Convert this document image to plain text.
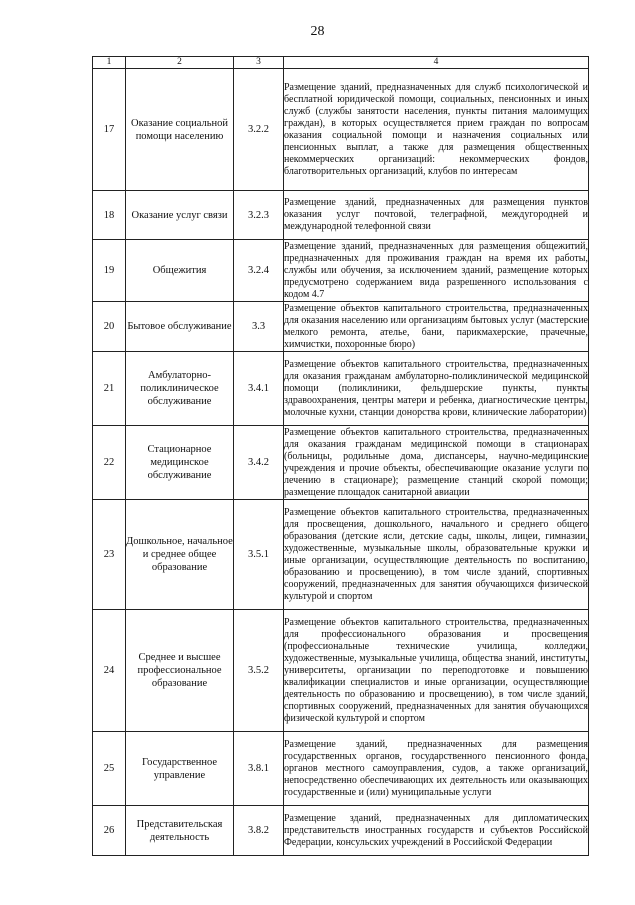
28
1	2	3	4
17	Оказание социальной помощи населению	3.2.2	Размещение зданий, предназначенных для служб психологической и бесплатной юридической помощи, социальных, пенсионных и иных служб (службы занятости населения, пункты питания малоимущих граждан), в которых осуществляется прием граждан по вопросам оказания социальной помощи и назначения социальных или пенсионных выплат, а также для размещения общественных некоммерческих организаций: некоммерческих фондов, благотворительных организаций, клубов по интересам
18	Оказание услуг связи	3.2.3	Размещение зданий, предназначенных для размещения пунктов оказания услуг почтовой, телеграфной, междугородней и международной телефонной связи
19	Общежития	3.2.4	Размещение зданий, предназначенных для размещения общежитий, предназначенных для проживания граждан на время их работы, службы или обучения, за исключением зданий, размещение которых предусмотрено содержанием вида разрешенного использования с кодом 4.7
20	Бытовое обслуживание	3.3	Размещение объектов капитального строительства, предназначенных для оказания населению или организациям бытовых услуг (мастерские мелкого ремонта, ателье, бани, парикмахерские, прачечные, химчистки, похоронные бюро)
21	Амбулаторно-поликлиническое обслуживание	3.4.1	Размещение объектов капитального строительства, предназначенных для оказания гражданам амбулаторно-поликлинической медицинской помощи (поликлиники, фельдшерские пункты, пункты здравоохранения, центры матери и ребенка, диагностические центры, молочные кухни, станции донорства крови, клинические лаборатории)
22	Стационарное медицинское обслуживание	3.4.2	Размещение объектов капитального строительства, предназначенных для оказания гражданам медицинской помощи в стационарах (больницы, родильные дома, диспансеры, научно-медицинские учреждения и прочие объекты, обеспечивающие оказание услуги по лечению в стационаре); размещение станций скорой помощи; размещение площадок санитарной авиации
23	Дошкольное, начальное и среднее общее образование	3.5.1	Размещение объектов капитального строительства, предназначенных для просвещения, дошкольного, начального и среднего общего образования (детские ясли, детские сады, школы, лицеи, гимназии, художественные, музыкальные школы, образовательные кружки и иные организации, осуществляющие деятельность по воспитанию, образованию и просвещению), в том числе зданий, спортивных сооружений, предназначенных для занятия обучающихся физической культурой и спортом
24	Среднее и высшее профессиональное образование	3.5.2	Размещение объектов капитального строительства, предназначенных для профессионального образования и просвещения (профессиональные технические училища, колледжи, художественные, музыкальные училища, общества знаний, институты, университеты, организации по переподготовке и повышению квалификации специалистов и иные организации, осуществляющие деятельность по образованию и просвещению), в том числе зданий, спортивных сооружений, предназначенных для занятия обучающихся физической культурой и спортом
25	Государственное управление	3.8.1	Размещение зданий, предназначенных для размещения государственных органов, государственного пенсионного фонда, органов местного самоуправления, судов, а также организаций, непосредственно обеспечивающих их деятельность или оказывающих государственные и (или) муниципальные услуги
26	Представительская деятельность	3.8.2	Размещение зданий, предназначенных для дипломатических представительств иностранных государств и субъектов Российской Федерации, консульских учреждений в Российской Федерации
